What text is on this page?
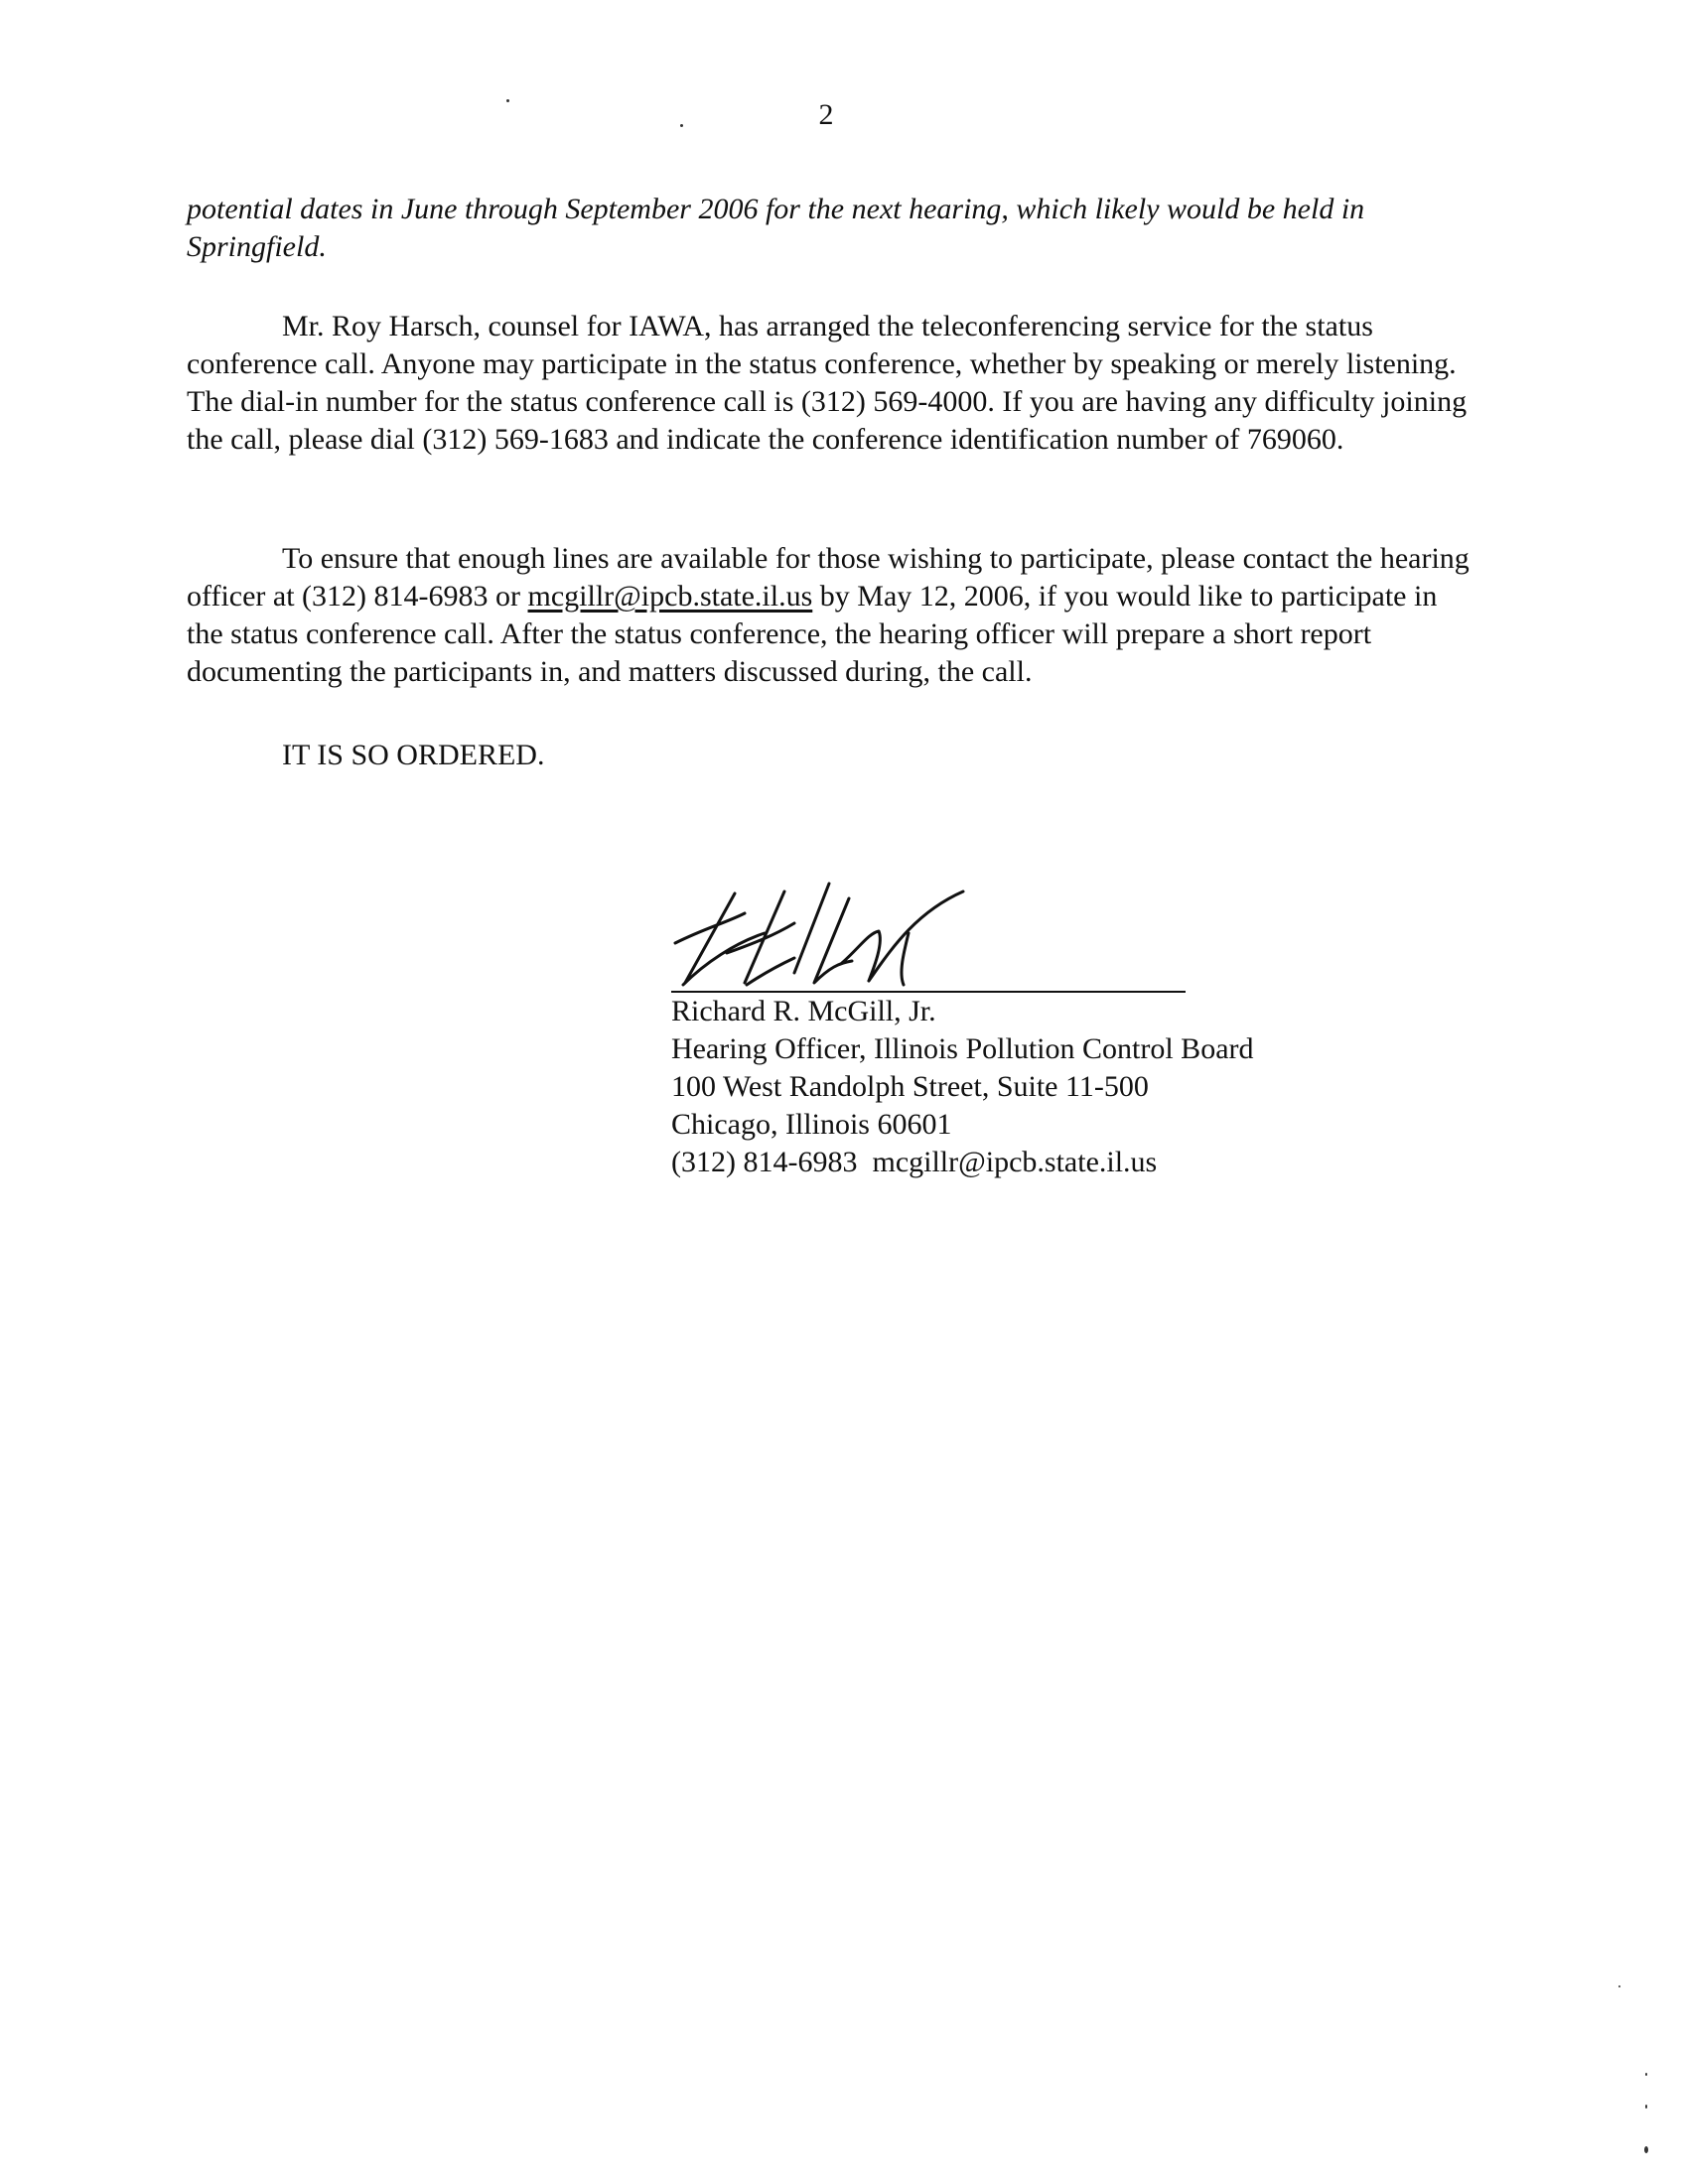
2

potential dates in June through September 2006 for the next hearing, which likely would be held in Springfield.

Mr. Roy Harsch, counsel for IAWA, has arranged the teleconferencing service for the status conference call. Anyone may participate in the status conference, whether by speaking or merely listening. The dial-in number for the status conference call is (312) 569-4000. If you are having any difficulty joining the call, please dial (312) 569-1683 and indicate the conference identification number of 769060.

To ensure that enough lines are available for those wishing to participate, please contact the hearing officer at (312) 814-6983 or mcgillr@ipcb.state.il.us by May 12, 2006, if you would like to participate in the status conference call. After the status conference, the hearing officer will prepare a short report documenting the participants in, and matters discussed during, the call.

IT IS SO ORDERED.

Richard R. McGill, Jr.
Hearing Officer, Illinois Pollution Control Board
100 West Randolph Street, Suite 11-500
Chicago, Illinois 60601
(312) 814-6983 mcgillr@ipcb.state.il.us
